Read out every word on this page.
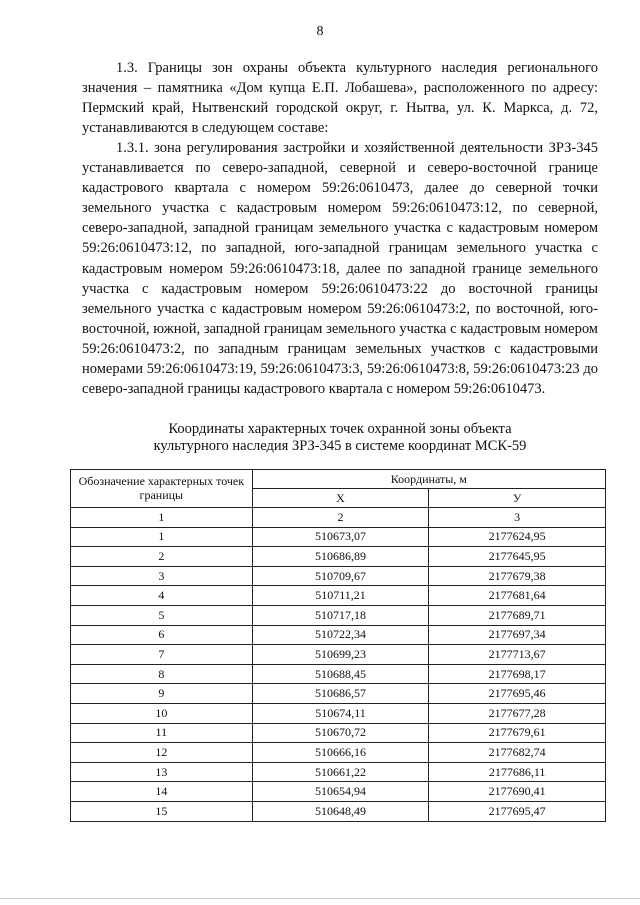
8

1.3. Границы зон охраны объекта культурного наследия регионального значения – памятника «Дом купца Е.П. Лобашева», расположенного по адресу: Пермский край, Нытвенский городской округ, г. Нытва, ул. К. Маркса, д. 72, устанавливаются в следующем составе:

1.3.1. зона регулирования застройки и хозяйственной деятельности ЗРЗ-345 устанавливается по северо-западной, северной и северо-восточной границе кадастрового квартала с номером 59:26:0610473, далее до северной точки земельного участка с кадастровым номером 59:26:0610473:12, по северной, северо-западной, западной границам земельного участка с кадастровым номером 59:26:0610473:12, по западной, юго-западной границам земельного участка с кадастровым номером 59:26:0610473:18, далее по западной границе земельного участка с кадастровым номером 59:26:0610473:22 до восточной границы земельного участка с кадастровым номером 59:26:0610473:2, по восточной, юго-восточной, южной, западной границам земельного участка с кадастровым номером 59:26:0610473:2, по западным границам земельных участков с кадастровыми номерами 59:26:0610473:19, 59:26:0610473:3, 59:26:0610473:8, 59:26:0610473:23 до северо-западной границы кадастрового квартала с номером 59:26:0610473.

Координаты характерных точек охранной зоны объекта
культурного наследия ЗРЗ-345 в системе координат МСК-59
Обозначение характерных точек границы	Координаты, м	
	X	У
1	2	3
1	510673,07	2177624,95
2	510686,89	2177645,95
3	510709,67	2177679,38
4	510711,21	2177681,64
5	510717,18	2177689,71
6	510722,34	2177697,34
7	510699,23	2177713,67
8	510688,45	2177698,17
9	510686,57	2177695,46
10	510674,11	2177677,28
11	510670,72	2177679,61
12	510666,16	2177682,74
13	510661,22	2177686,11
14	510654,94	2177690,41
15	510648,49	2177695,47
